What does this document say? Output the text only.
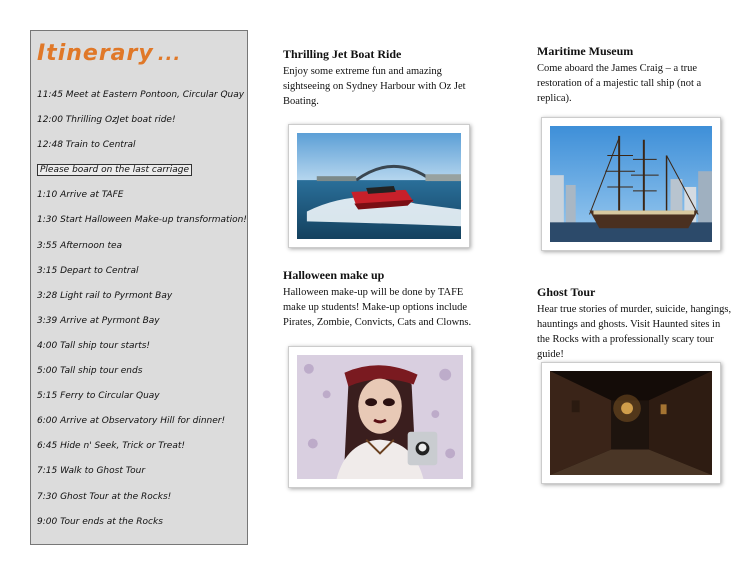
Itinerary ...
11:45 Meet at Eastern Pontoon, Circular Quay
12:00 Thrilling OzJet boat ride!
12:48 Train to Central
Please board on the last carriage
1:10 Arrive at TAFE
1:30 Start Halloween Make-up transformation!
3:55 Afternoon tea
3:15 Depart to Central
3:28 Light rail to Pyrmont Bay
3:39 Arrive at Pyrmont Bay
4:00 Tall ship tour starts!
5:00 Tall ship tour ends
5:15 Ferry to Circular Quay
6:00 Arrive at Observatory Hill for dinner!
6:45 Hide n' Seek, Trick or Treat!
7:15 Walk to Ghost Tour
7:30 Ghost Tour at the Rocks!
9:00 Tour ends at the Rocks
Thrilling Jet Boat Ride

Enjoy some extreme fun and amazing sightseeing on Sydney Harbour with Oz Jet Boating.

Halloween make up

Halloween make-up will be done by TAFE make up students! Make-up options include Pirates, Zombie, Convicts, Cats and Clowns.

Maritime Museum

Come aboard the James Craig – a true restoration of a majestic tall ship (not a replica).

Ghost Tour

Hear true stories of murder, suicide, hangings, hauntings and ghosts. Visit Haunted sites in the Rocks with a professionally scary tour guide!
